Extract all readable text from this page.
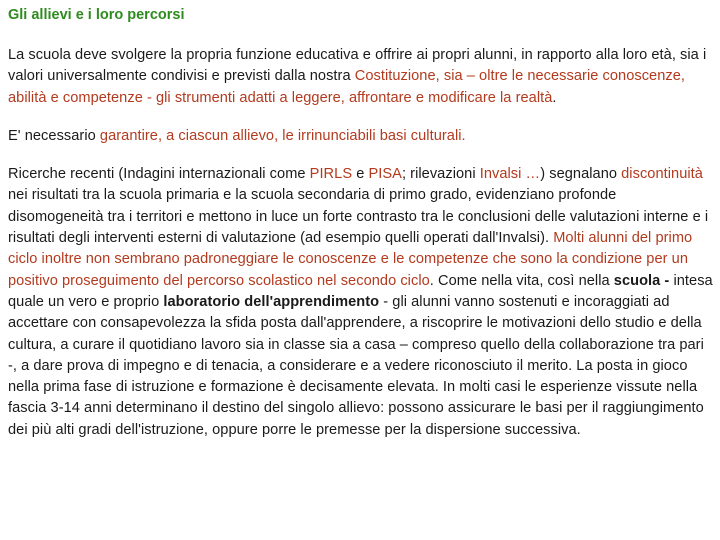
Gli allievi e i loro percorsi

La scuola deve svolgere la propria funzione educativa e offrire ai propri alunni, in rapporto alla loro età, sia i valori universalmente condivisi e previsti dalla nostra Costituzione, sia – oltre le necessarie conoscenze, abilità e competenze - gli strumenti adatti a leggere, affrontare e modificare la realtà.

E' necessario garantire, a ciascun allievo, le irrinunciabili basi culturali.

Ricerche recenti (Indagini internazionali come PIRLS e PISA; rilevazioni Invalsi …) segnalano discontinuità nei risultati tra la scuola primaria e la scuola secondaria di primo grado, evidenziano profonde disomogeneità tra i territori e mettono in luce un forte contrasto tra le conclusioni delle valutazioni interne e i risultati degli interventi esterni di valutazione (ad esempio quelli operati dall'Invalsi). Molti alunni del primo ciclo inoltre non sembrano padroneggiare le conoscenze e le competenze che sono la condizione per un positivo proseguimento del percorso scolastico nel secondo ciclo. Come nella vita, così nella scuola - intesa quale un vero e proprio laboratorio dell'apprendimento - gli alunni vanno sostenuti e incoraggiati ad accettare con consapevolezza la sfida posta dall'apprendere, a riscoprire le motivazioni dello studio e della cultura, a curare il quotidiano lavoro sia in classe sia a casa – compreso quello della collaborazione tra pari -, a dare prova di impegno e di tenacia, a considerare e a vedere riconosciuto il merito. La posta in gioco nella prima fase di istruzione e formazione è decisamente elevata. In molti casi le esperienze vissute nella fascia 3-14 anni determinano il destino del singolo allievo: possono assicurare le basi per il raggiungimento dei più alti gradi dell'istruzione, oppure porre le premesse per la dispersione successiva.
